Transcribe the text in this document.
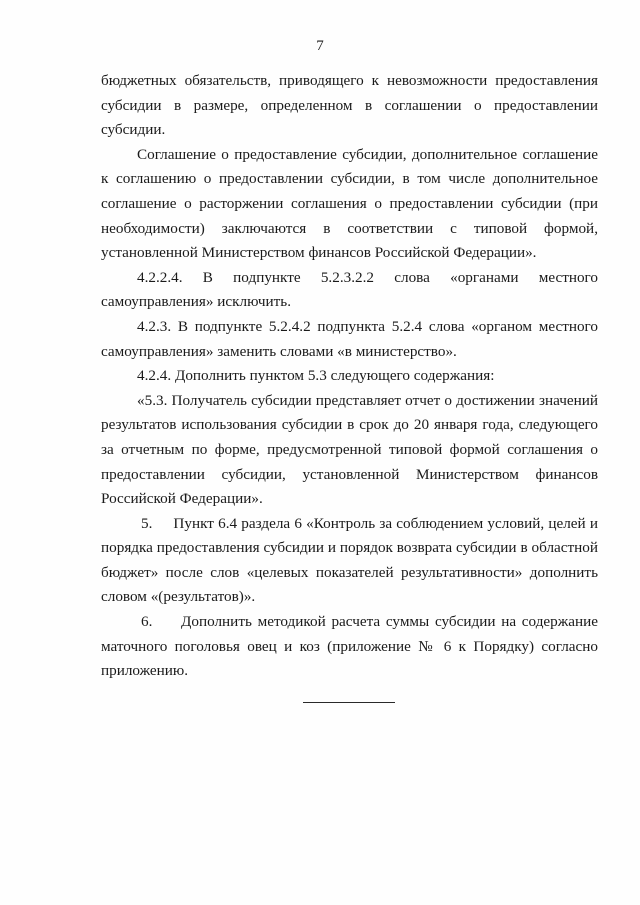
7

бюджетных обязательств, приводящего к невозможности предоставления субсидии в размере, определенном в соглашении о предоставлении субсидии.

Соглашение о предоставление субсидии, дополнительное соглашение к соглашению о предоставлении субсидии, в том числе дополнительное соглашение о расторжении соглашения о предоставлении субсидии (при необходимости) заключаются в соответствии с типовой формой, установленной Министерством финансов Российской Федерации».

4.2.2.4. В подпункте 5.2.3.2.2 слова «органами местного самоуправления» исключить.

4.2.3. В подпункте 5.2.4.2 подпункта 5.2.4 слова «органом местного самоуправления» заменить словами «в министерство».

4.2.4. Дополнить пунктом 5.3 следующего содержания:

«5.3. Получатель субсидии представляет отчет о достижении значений результатов использования субсидии в срок до 20 января года, следующего за отчетным по форме, предусмотренной типовой формой соглашения о предоставлении субсидии, установленной Министерством финансов Российской Федерации».

5.     Пункт 6.4 раздела 6 «Контроль за соблюдением условий, целей и порядка предоставления субсидии и порядок возврата субсидии в областной бюджет» после слов «целевых показателей результативности» дополнить словом «(результатов)».

6.     Дополнить методикой расчета суммы субсидии на содержание маточного поголовья овец и коз (приложение № 6 к Порядку) согласно приложению.
